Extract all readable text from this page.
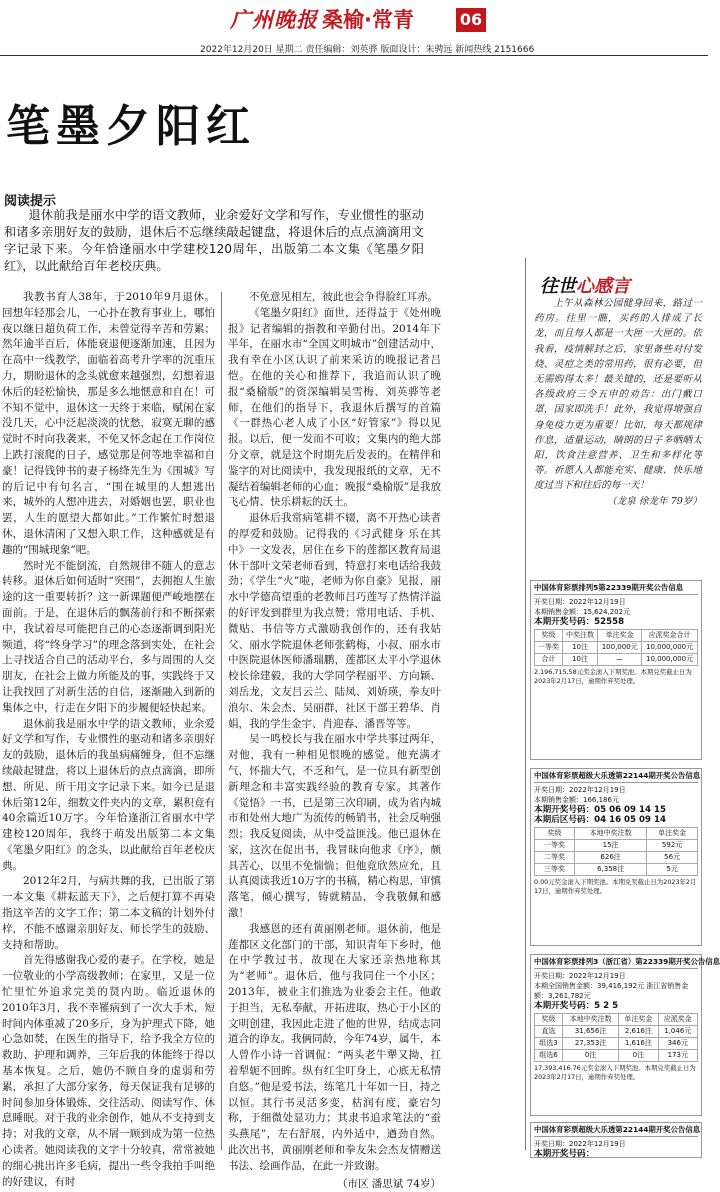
广州晚报 桑榆·常青	06
2022年12月20日 星期二 责任编辑：刘英骅 版面设计：朱骋远 新闻热线 2151666
笔墨夕阳红
阅读提示
退休前我是丽水中学的语文教师，业余爱好文学和写作，专业惯性的驱动和诸多亲朋好友的鼓励，退休后不忘继续敲起键盘，将退休后的点点滴滴用文字记录下来。今年恰逢丽水中学建校120周年，出版第二本文集《笔墨夕阳红》，以此献给百年老校庆典。

我教书育人38年，于2010年9月退休。回想年轻那会儿，一心扑在教育事业上，哪怕夜以继日超负荷工作，未曾觉得辛苦和劳累；然年逾半百后，体能衰退便逐渐加速，且因为在高中一线教学，面临着高考升学率的沉重压力，期盼退休的念头就愈来越强烈，幻想着退休后的轻松愉快，那是多么地惬意和自在！可不知不觉中，退休这一天终于来临，赋闲在家没几天，心中泛起淡淡的忧愁，寂寞无聊的感觉时不时向我袭来，不免又怀念起在工作岗位上跌打滚爬的日子，感觉那是何等地幸福和自豪！记得钱钟书的妻子杨绛先生为《围城》写的后记中有句名言，“围在城里的人想逃出来，城外的人想冲进去，对婚姻也罢，职业也罢，人生的愿望大都如此。”工作繁忙时想退休，退休清闲了又想入职工作，这种感就是有趣的“围城现象”吧。

然时光不能倒流，自然规律不随人的意志转移。退休后如何适时“突围”，去拥抱人生旅途的这一重要转折？这一新课题便严峻地摆在面前。于是，在退休后的飘荡前行和不断探索中，我试着尽可能把自己的心态逐渐调到阳光频道，将“终身学习”的理念落到实处，在社会上寻找适合自己的活动平台，多与周围的人交朋友，在社会上做力所能及的事，实践终于又让我找回了对新生活的自信，逐渐融入到新的集体之中，行走在夕阳下的步履便轻快起来。

退休前我是丽水中学的语文教师，业余爱好文学和写作，专业惯性的驱动和诸多亲朋好友的鼓励，退休后的我虽病痛缠身，但不忘继续敲起键盘，将以上退休后的点点滴滴，即所想、所见、所干用文字记录下来。如今已是退休后第12年，细数文件夹内的文章，累积竟有40余篇近10万字。今年恰逢浙江省丽水中学建校120周年，我终于萌发出版第二本文集《笔墨夕阳红》的念头，以此献给百年老校庆典。

2012年2月，与病共舞的我，已出版了第一本文集《耕耘蓝天下》，之后便打算不再染指这辛苦的文字工作；第二本文稿的计划外付梓，不能不感谢亲朋好友、师长学生的鼓励、支持和帮助。

首先得感谢我心爱的妻子。在学校，她是一位敬业的小学高级教师；在家里，又是一位忙里忙外追求完美的贤内助。临近退休的2010年3月，我不幸罹病到了一次大手术，短时间内体重减了20多斤，身为护理式下降，她心急如焚，在医生的指导下，给予我全方位的救助、护理和调养，三年后我的体能终于得以基本恢复。之后，她仍不顾自身的虚弱和劳累，承担了大部分家务，每天保证我有足够的时间参加身体锻炼、交往活动、阅读写作、休息睡眠。对于我的业余创作，她从不支持到支持；对我的文章，从不屑一顾到成为第一位热心读者。她阅读我的文字十分较真，常常被她的细心挑出许多毛病，提出一些令我拍手叫绝的好建议，有时

不免意见相左，彼此也会争得脸红耳赤。

《笔墨夕阳红》面世，还得益于《处州晚报》记者编辑的指教和辛勤付出。2014年下半年，在丽水市“全国文明城市”创建活动中，我有幸在小区认识了前来采访的晚报记者吕恺。在他的关心和推荐下，我追而认识了晚报“桑榆版”的资深编辑吴雪梅、刘英骅等老师，在他们的指导下，我退休后撰写的首篇《一群热心老人成了小区“好管家”》得以见报。以后，便一发而不可收；文集内的绝大部分文章，就是这个时期先后发表的。在精伴和鉴字的对比阅读中，我发现报纸的文章，无不凝结着编辑老师的心血；晚报“桑榆版”是我放飞心情、快乐耕耘的沃土。

退休后我常病笔耕不辍，离不开热心读者的厚爱和鼓励。记得我的《习武健身 乐在其中》一文发表，居住在乡下的莲都区教育局退休干部叶文荣老师看到，特意打来电话给我鼓劲；《学生“火”啦，老师为你自豪》见报，丽水中学德高望重的老教师吕巧莲写了热情洋溢的好评发到群里为我点赞；常用电话、手机、微贴、书信等方式激励我创作的，还有我姑父、丽水学院退休老师张鹤梅，小叔、丽水市中医院退休医师潘瑞鹏，莲都区太平小学退休校长徐建毅，我的大学同学程丽平、方向颖、刘岳龙，文友吕云兰、陆凤、刘娇瑛，拳友叶浪尔、朱会杰、吴丽群，社区干部王碧华、肖娟，我的学生金宇、肖迎春、潘晋等等。

吴一鸣校长与我在丽水中学共事过两年，对他，我有一种相见恨晚的感觉。他充满才气，怀揣大气，不乏和气，是一位具有新型创新理念和丰富实践经验的教育专家。其著作《觉悟》一书，已是第三次印刷，成为省内城市和处州大地广为流传的畅销书，社会反响强烈；我反复阅读，从中受益匪浅。他已退休在家，这次在促出书，我冒昧向他求《序》，颇具苦心，以里不免惴惴；但他竟欣然应允，且认真阅读我近10万字的书稿，精心构思，审慎落笔，倾心撰写，铸就精品，令我敬佩和感激！

我感恩的还有黄丽刚老师。退休前，他是莲都区文化部门的干部，知识青年下乡时，他在中学教过书，故现在大家还亲热地称其为“老师”。退休后，他与我同住一个小区；2013年，被业主们推选为业委会主任。他敢于担当，无私奉献，开拓进取，热心于小区的文明创建，我因此走进了他的世界，结成志同道合的诤友。我俩同龄，今年74岁，属牛，本人曾作小诗一首调侃：“两头老牛犟又拗，扛着犁轭不回眸。纵有红尘叮身上，心底无私情自悠。”他是爱书法，练笔几十年如一日，持之以恒。其行书灵活多变，枯润有度，豪宕匀称，于细微处显功力；其隶书追求笔法的“蚕头燕尾”，左右舒展，内外适中，遒劲自然。此次出书，黄丽刚老师和拳友朱会杰友情赠送书法、绘画作品，在此一并致谢。

（市区 潘思斌 74岁）
往世心感言
上午从森林公园健身回来，路过一药房。往里一瞧，买药的人排成了长龙，而且每人都是一大匣一大匣的。依我看，疫情解封之后，家里备些对付发烧、灵痘之类的常用药，很有必要，但无需购得太多！最关键的，还是要听从各级政府三令五申的劝告：出门戴口罩，国家即洗手！此外，我觉得增强自身免疫力更为重要！比如，每天都规律作息，适量运动，睛朗的日子多晒晒太阳，饮食注意营养、卫生和多样化等等。祈愿人人都能充实、健康、快乐地度过当下和往后的每一天！
（龙泉 徐龙年 79岁）
中国体育彩票排列5第22339期开奖公告信息
开奖日期：2022年12月19日
本期销售金额：15,624,202元
本期开奖号码：52558
奖级	中奖注数	单注奖金	应派奖金合计
一等奖	10注	100,000元	10,000,000元
合计	10注	—	10,000,000元
2,196,715,58元奖金滚入下期奖池。本期兑奖截止日为2023年2月17日，逾期作弃奖处理。
中国体育彩票超级大乐透第22144期开奖公告信息
开奖日期：2022年12月19日
本期销售金额：166,186元
本期开奖号码：05 06 09 14 15
本期后区号码：04 16 05 09 14
奖级	本地中奖注数	单注奖金
一等奖	15注	592元
二等奖	626注	56元
三等奖	6,358注	5元
0.00元奖金滚入下期奖池。本期兑奖截止日为2023年2月17日，逾期作弃奖处理。
中国体育彩票排列3（浙江省）第22339期开奖公告信息
开奖日期：2022年12月19日
本期全国销售金额：39,416,192元 浙江省销售金额：3,261,782元
本期开奖号码：5 2 5
奖级	本地中奖注数	单注奖金	应派奖金
直选	31,656注	2,616注	1,046元
组选3	27,353注	1,616注	346元
组选6	0注	0注	173元
17,393,416.76元奖金滚入下期奖池。本期兑奖截止日为2023年2月17日，逾期作弃奖处理。
中国体育彩票超级大乐透第22144期开奖公告信息
开奖日期：2022年12月19日
本期开奖号码：
